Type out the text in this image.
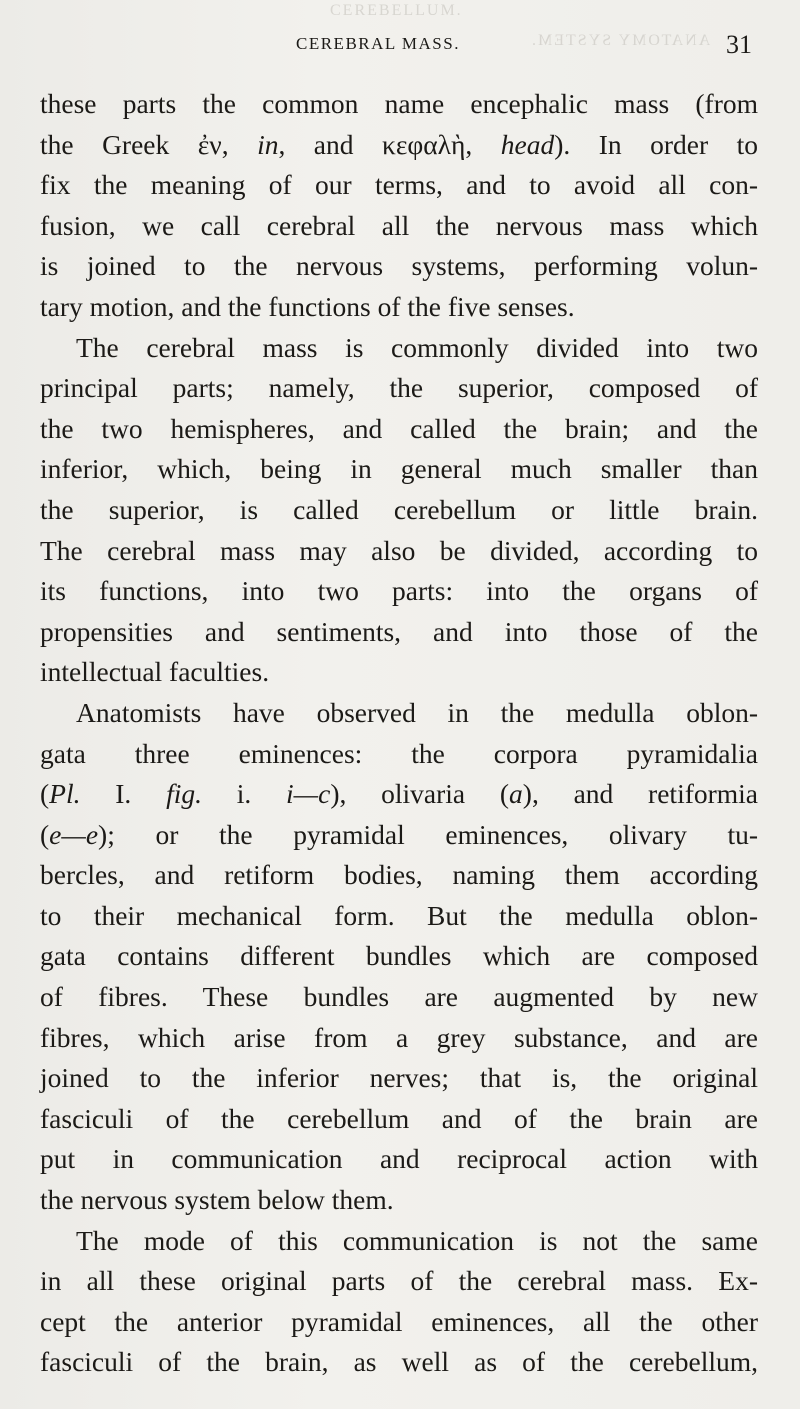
CEREBELLUM.
ANATOMY SYSTEM.
CEREBRAL MASS.	31
these parts the common name encephalic mass (from
the Greek ἐν, in, and κεφαλὴ, head). In order to
fix the meaning of our terms, and to avoid all con-
fusion, we call cerebral all the nervous mass which
is joined to the nervous systems, performing volun-
tary motion, and the functions of the five senses.
The cerebral mass is commonly divided into two
principal parts; namely, the superior, composed of
the two hemispheres, and called the brain; and the
inferior, which, being in general much smaller than
the superior, is called cerebellum or little brain.
The cerebral mass may also be divided, according to
its functions, into two parts: into the organs of
propensities and sentiments, and into those of the
intellectual faculties.
Anatomists have observed in the medulla oblon-
gata three eminences: the corpora pyramidalia
(Pl. I. fig. i. i—c), olivaria (a), and retiformia
(e—e); or the pyramidal eminences, olivary tu-
bercles, and retiform bodies, naming them according
to their mechanical form. But the medulla oblon-
gata contains different bundles which are composed
of fibres. These bundles are augmented by new
fibres, which arise from a grey substance, and are
joined to the inferior nerves; that is, the original
fasciculi of the cerebellum and of the brain are
put in communication and reciprocal action with
the nervous system below them.
The mode of this communication is not the same
in all these original parts of the cerebral mass. Ex-
cept the anterior pyramidal eminences, all the other
fasciculi of the brain, as well as of the cerebellum,
